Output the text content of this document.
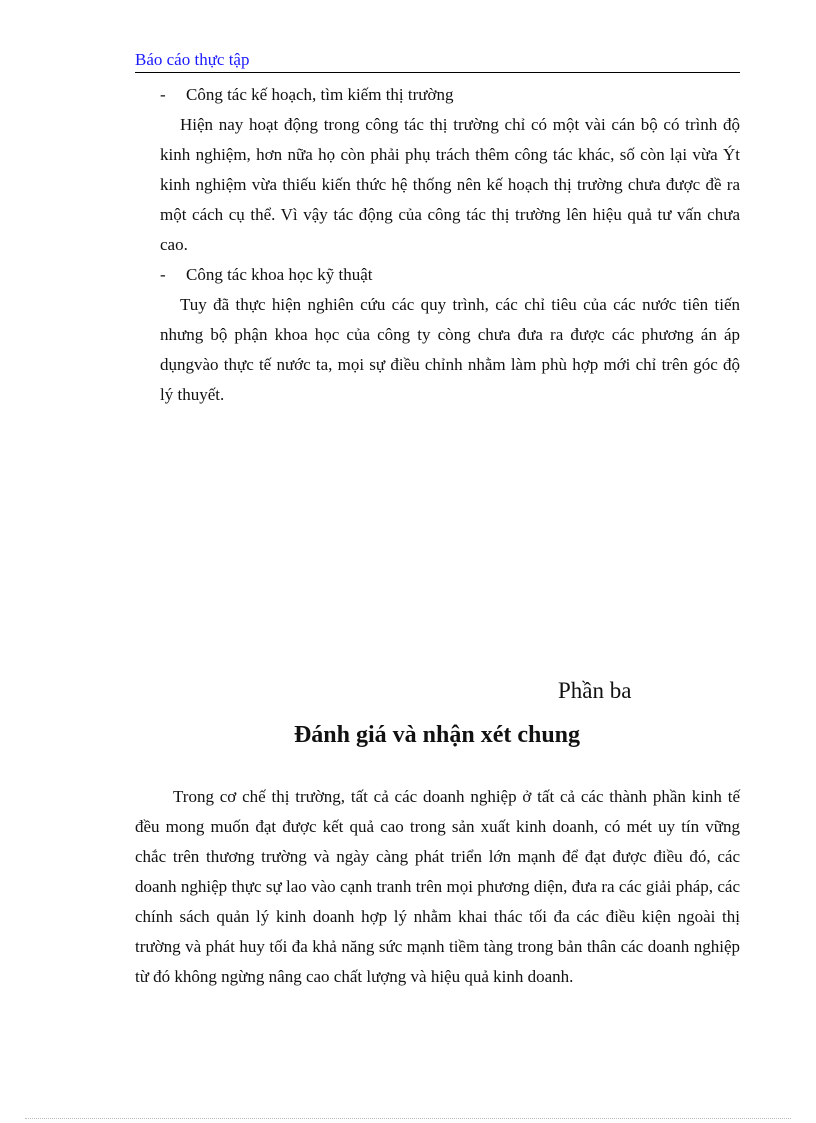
Báo cáo thực tập
- Công tác kế hoạch, tìm kiếm thị trường

Hiện nay hoạt động trong công tác thị trường chỉ có một vài cán bộ có trình độ kinh nghiệm, hơn nữa họ còn phải phụ trách thêm công tác khác, số còn lại vừa Ýt kinh nghiệm vừa thiếu kiến thức hệ thống nên kế hoạch thị trường chưa được đề ra một cách cụ thể. Vì vậy tác động của công tác thị trường lên hiệu quả tư vấn chưa cao.

- Công tác khoa học kỹ thuật

Tuy đã thực hiện nghiên cứu các quy trình, các chỉ tiêu của các nước tiên tiến nhưng bộ phận khoa học của công ty còng chưa đưa ra được các phương án áp dụngvào thực tế nước ta, mọi sự điều chỉnh nhằm làm phù hợp mới chỉ trên góc độ lý thuyết.

Phần ba
Đánh giá và nhận xét chung

Trong cơ chế thị trường, tất cả các doanh nghiệp ở tất cả các thành phần kinh tế đều mong muốn đạt được kết quả cao trong sản xuất kinh doanh, có mét uy tín vững chắc trên thương trường và ngày càng phát triển lớn mạnh để đạt được điều đó, các doanh nghiệp thực sự lao vào cạnh tranh trên mọi phương diện, đưa ra các giải pháp, các chính sách quản lý kinh doanh hợp lý nhằm khai thác tối đa các điều kiện ngoài thị trường và phát huy tối đa khả năng sức mạnh tiềm tàng trong bản thân các doanh nghiệp từ đó không ngừng nâng cao chất lượng và hiệu quả kinh doanh.
